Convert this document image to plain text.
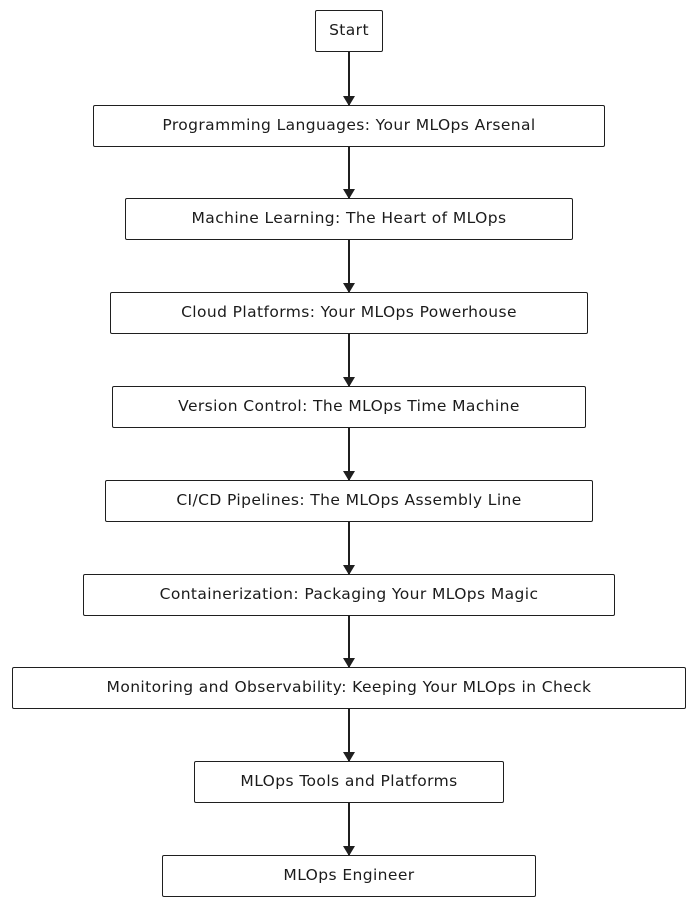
Start
Programming Languages: Your MLOps Arsenal
Machine Learning: The Heart of MLOps
Cloud Platforms: Your MLOps Powerhouse
Version Control: The MLOps Time Machine
CI/CD Pipelines: The MLOps Assembly Line
Containerization: Packaging Your MLOps Magic
Monitoring and Observability: Keeping Your MLOps in Check
MLOps Tools and Platforms
MLOps Engineer
